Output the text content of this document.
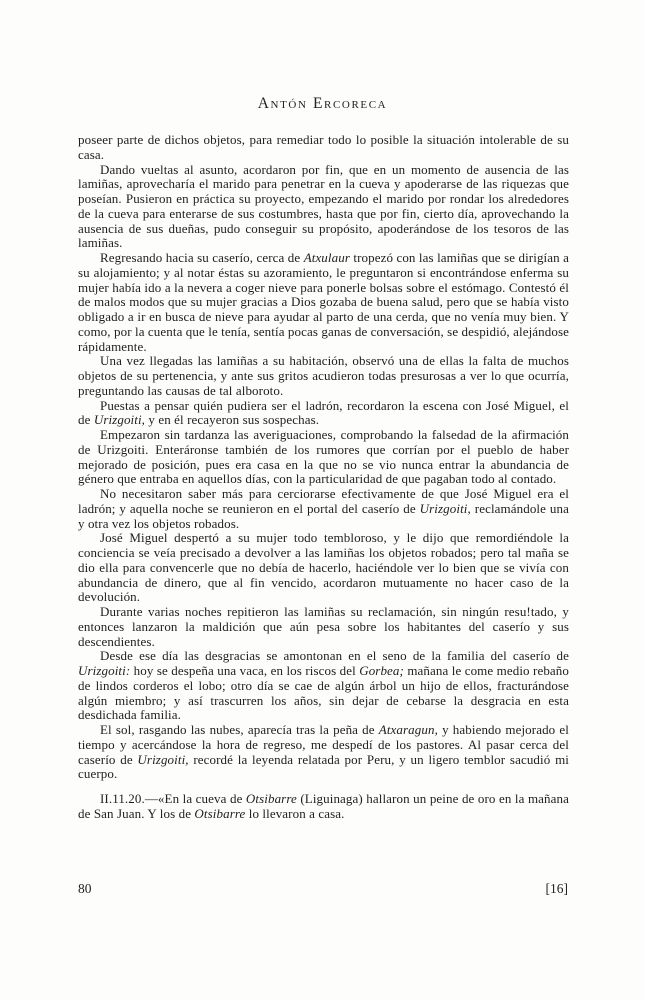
Antón Ercoreca

poseer parte de dichos objetos, para remediar todo lo posible la situación intolerable de su casa.

Dando vueltas al asunto, acordaron por fin, que en un momento de ausencia de las lamiñas, aprovecharía el marido para penetrar en la cueva y apoderarse de las riquezas que poseían. Pusieron en práctica su proyecto, empezando el marido por rondar los alrededores de la cueva para enterarse de sus costumbres, hasta que por fin, cierto día, aprovechando la ausencia de sus dueñas, pudo conseguir su propósito, apoderándose de los tesoros de las lamiñas.

Regresando hacia su caserío, cerca de Atxulaur tropezó con las lamiñas que se dirigían a su alojamiento; y al notar éstas su azoramiento, le preguntaron si encontrándose enferma su mujer había ido a la nevera a coger nieve para ponerle bolsas sobre el estómago. Contestó él de malos modos que su mujer gracias a Dios gozaba de buena salud, pero que se había visto obligado a ir en busca de nieve para ayudar al parto de una cerda, que no venía muy bien. Y como, por la cuenta que le tenía, sentía pocas ganas de conversación, se despidió, alejándose rápidamente.

Una vez llegadas las lamiñas a su habitación, observó una de ellas la falta de muchos objetos de su pertenencia, y ante sus gritos acudieron todas presurosas a ver lo que ocurría, preguntando las causas de tal alboroto.

Puestas a pensar quién pudiera ser el ladrón, recordaron la escena con José Miguel, el de Urizgoiti, y en él recayeron sus sospechas.

Empezaron sin tardanza las averiguaciones, comprobando la falsedad de la afirmación de Urizgoiti. Enteráronse también de los rumores que corrían por el pueblo de haber mejorado de posición, pues era casa en la que no se vio nunca entrar la abundancia de género que entraba en aquellos días, con la particularidad de que pagaban todo al contado.

No necesitaron saber más para cerciorarse efectivamente de que José Miguel era el ladrón; y aquella noche se reunieron en el portal del caserío de Urizgoiti, reclamándole una y otra vez los objetos robados.

José Miguel despertó a su mujer todo tembloroso, y le dijo que remordiéndole la conciencia se veía precisado a devolver a las lamiñas los objetos robados; pero tal maña se dio ella para convencerle que no debía de hacerlo, haciéndole ver lo bien que se vivía con abundancia de dinero, que al fin vencido, acordaron mutuamente no hacer caso de la devolución.

Durante varias noches repitieron las lamiñas su reclamación, sin ningún resu!tado, y entonces lanzaron la maldición que aún pesa sobre los habitantes del caserío y sus descendientes.

Desde ese día las desgracias se amontonan en el seno de la familia del caserío de Urizgoiti: hoy se despeña una vaca, en los riscos del Gorbea; mañana le come medio rebaño de lindos corderos el lobo; otro día se cae de algún árbol un hijo de ellos, fracturándose algún miembro; y así trascurren los años, sin dejar de cebarse la desgracia en esta desdichada familia.

El sol, rasgando las nubes, aparecía tras la peña de Atxaragun, y habiendo mejorado el tiempo y acercándose la hora de regreso, me despedí de los pastores. Al pasar cerca del caserío de Urizgoiti, recordé la leyenda relatada por Peru, y un ligero temblor sacudió mi cuerpo.

II.11.20.—«En la cueva de Otsibarre (Liguinaga) hallaron un peine de oro en la mañana de San Juan. Y los de Otsibarre lo llevaron a casa.

80	[16]
